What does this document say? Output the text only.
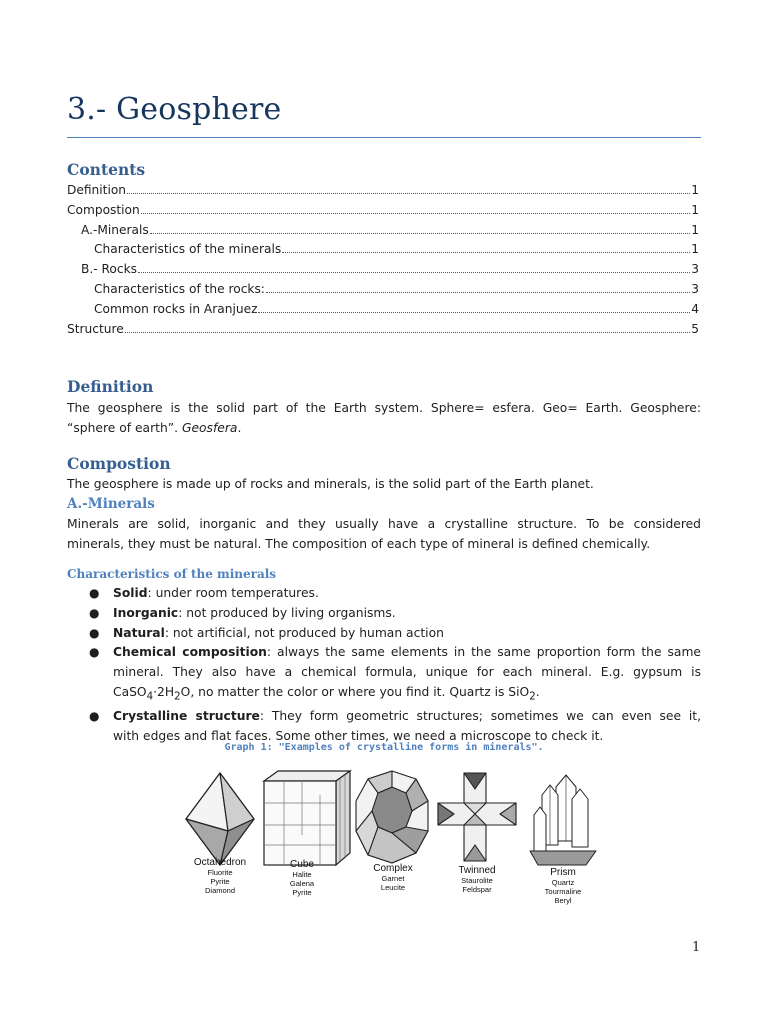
3.- Geosphere
Contents
Definition	1
Compostion	1
A.-Minerals	1
Characteristics of the minerals	1
B.- Rocks	3
Characteristics of the rocks:	3
Common rocks in Aranjuez	4
Structure	5
Definition
The geosphere is the solid part of the Earth system. Sphere= esfera. Geo= Earth. Geosphere:
“sphere of earth”. Geosfera.
Compostion
The geosphere is made up of rocks and minerals, is the solid part of the Earth planet.
A.-Minerals
Minerals are solid, inorganic and they usually have a crystalline structure. To be considered
minerals, they must be natural. The composition of each type of mineral is defined chemically.
Characteristics of the minerals
● Solid: under room temperatures.
● Inorganic: not produced by living organisms.
● Natural: not artificial, not produced by human action
● Chemical composition: always the same elements in the same proportion form the same
mineral. They also have a chemical formula, unique for each mineral. E.g. gypsum is
$CaSO_4\cdot 2H_2O$, no matter the color or where you find it. Quartz is SiO$_2$.
● Crystalline structure: They form geometric structures; sometimes we can even see it,
with edges and flat faces. Some other times, we need a microscope to check it.
Graph 1: "Examples of crystalline forms in minerals".
Octahedron
Fluorite
Pyrite
Diamond
Cube
Halite
Galena
Pyrite
Complex
Garnet
Leucite
Twinned
Staurolite
Feldspar
Prism
Quartz
Tourmaline
Beryl
1
